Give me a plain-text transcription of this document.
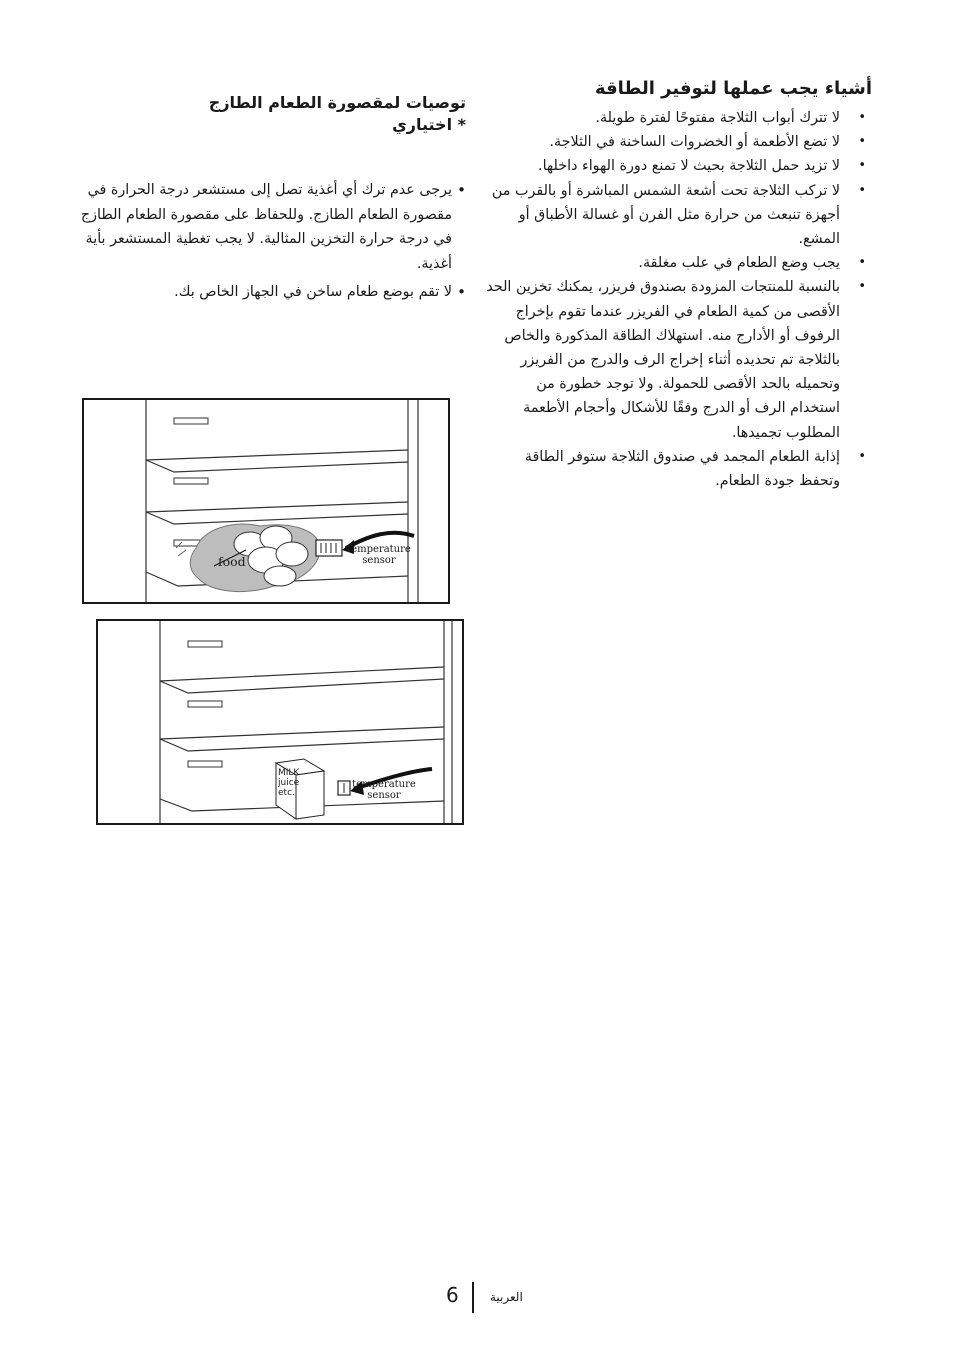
أشياء يجب عملها لتوفير الطاقة
• لا تترك أبواب الثلاجة مفتوحًا لفترة طويلة.
• لا تضع الأطعمة أو الخضروات الساخنة في الثلاجة.
• لا تزيد حمل الثلاجة بحيث لا تمنع دورة الهواء داخلها.
• لا تركب الثلاجة تحت أشعة الشمس المباشرة أو بالقرب من أجهزة تنبعث من حرارة مثل الفرن أو غسالة الأطباق أو المشع.
• يجب وضع الطعام في علب مغلقة.
• بالنسبة للمنتجات المزودة بصندوق فريزر، يمكنك تخزين الحد الأقصى من كمية الطعام في الفريزر عندما تقوم بإخراج الرفوف أو الأدارج منه. استهلاك الطاقة المذكورة والخاص بالثلاجة تم تحديده أثناء إخراج الرف والدرج من الفريزر وتحميله بالحد الأقصى للحمولة. ولا توجد خطورة من استخدام الرف أو الدرج وفقًا للأشكال وأحجام الأطعمة المطلوب تجميدها.
• إذابة الطعام المجمد في صندوق الثلاجة ستوفر الطاقة وتحفظ جودة الطعام.
توصيات لمقصورة الطعام الطازج
* اختياري
• يرجى عدم ترك أي أغذية تصل إلى مستشعر درجة الحرارة في مقصورة الطعام الطازج. وللحفاظ على مقصورة الطعام الطازج في درجة حرارة التخزين المثالية. لا يجب تغطية المستشعر بأية أغذية.
• لا تقم بوضع طعام ساخن في الجهاز الخاص بك.
food
temperature
sensor
MILK
juice
etc.
temperature
sensor
6	العربية
